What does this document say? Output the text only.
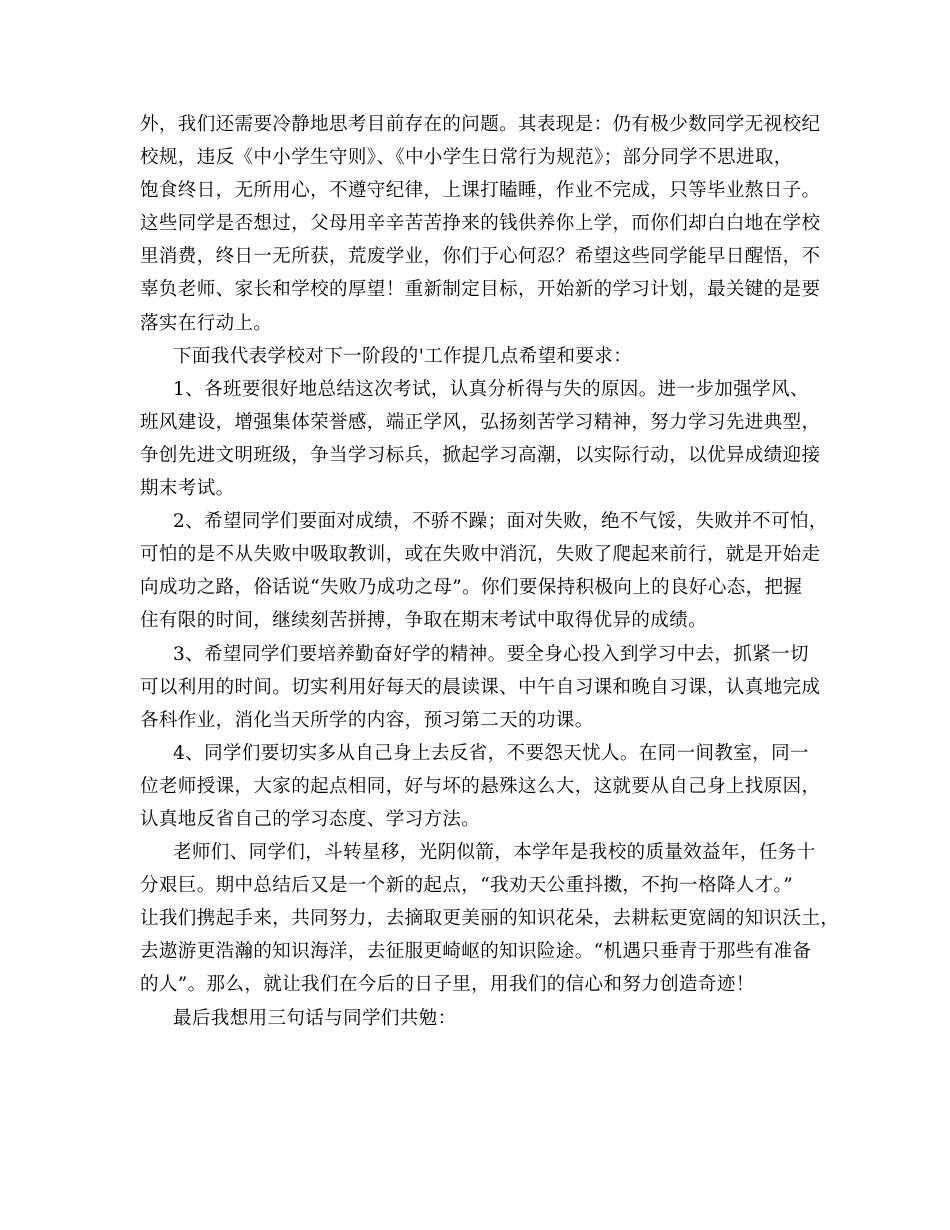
外，我们还需要冷静地思考目前存在的问题。其表现是：仍有极少数同学无视校纪
校规，违反《中小学生守则》、《中小学生日常行为规范》；部分同学不思进取，
饱食终日，无所用心，不遵守纪律，上课打瞌睡，作业不完成，只等毕业熬日子。
这些同学是否想过，父母用辛辛苦苦挣来的钱供养你上学，而你们却白白地在学校
里消费，终日一无所获，荒废学业，你们于心何忍？希望这些同学能早日醒悟，不
辜负老师、家长和学校的厚望！重新制定目标，开始新的学习计划，最关键的是要
落实在行动上。
下面我代表学校对下一阶段的'工作提几点希望和要求：
1、各班要很好地总结这次考试，认真分析得与失的原因。进一步加强学风、
班风建设，增强集体荣誉感，端正学风，弘扬刻苦学习精神，努力学习先进典型，
争创先进文明班级，争当学习标兵，掀起学习高潮，以实际行动，以优异成绩迎接
期末考试。
2、希望同学们要面对成绩，不骄不躁；面对失败，绝不气馁，失败并不可怕，
可怕的是不从失败中吸取教训，或在失败中消沉，失败了爬起来前行，就是开始走
向成功之路，俗话说“失败乃成功之母”。你们要保持积极向上的良好心态，把握
住有限的时间，继续刻苦拼搏，争取在期末考试中取得优异的成绩。
3、希望同学们要培养勤奋好学的精神。要全身心投入到学习中去，抓紧一切
可以利用的时间。切实利用好每天的晨读课、中午自习课和晚自习课，认真地完成
各科作业，消化当天所学的内容，预习第二天的功课。
4、同学们要切实多从自己身上去反省，不要怨天忧人。在同一间教室，同一
位老师授课，大家的起点相同，好与坏的悬殊这么大，这就要从自己身上找原因，
认真地反省自己的学习态度、学习方法。
老师们、同学们，斗转星移，光阴似箭，本学年是我校的质量效益年，任务十
分艰巨。期中总结后又是一个新的起点，“我劝天公重抖擞，不拘一格降人才。”
让我们携起手来，共同努力，去摘取更美丽的知识花朵，去耕耘更宽阔的知识沃土，
去遨游更浩瀚的知识海洋，去征服更崎岖的知识险途。“机遇只垂青于那些有准备
的人”。那么，就让我们在今后的日子里，用我们的信心和努力创造奇迹！
最后我想用三句话与同学们共勉：
